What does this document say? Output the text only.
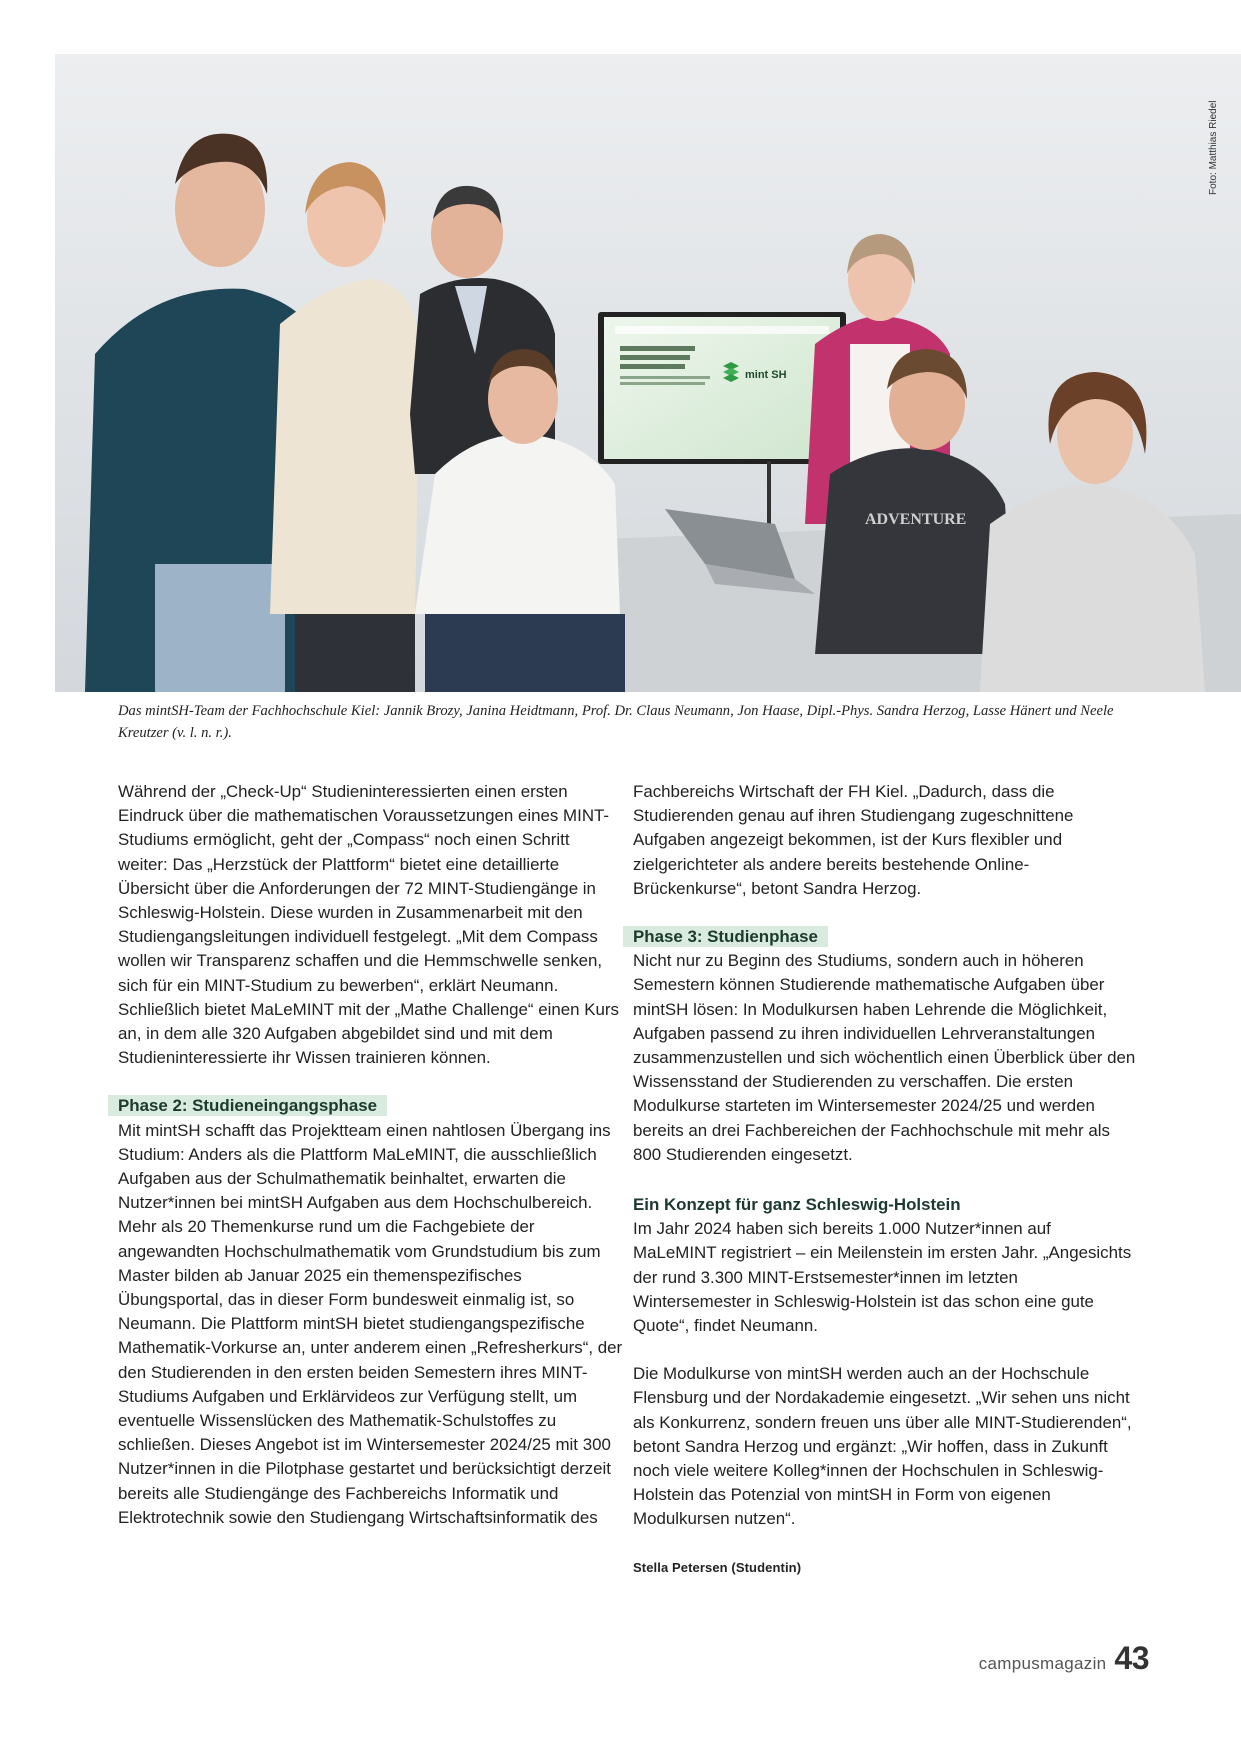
mint SH
ADVENTURE
Foto: Matthias Riedel
Das mintSH-Team der Fachhochschule Kiel: Jannik Brozy, Janina Heidtmann, Prof. Dr. Claus Neumann, Jon Haase, Dipl.-Phys. Sandra Herzog, Lasse Hänert und Neele Kreutzer (v. l. n. r.).

Während der „Check-Up“ Studieninteressierten einen ersten Eindruck über die mathematischen Voraussetzungen eines MINT-Studiums ermöglicht, geht der „Compass“ noch einen Schritt weiter: Das „Herzstück der Plattform“ bietet eine detaillierte Übersicht über die Anforderungen der 72 MINT-Studiengänge in Schleswig-Holstein. Diese wurden in Zusammenarbeit mit den Studiengangsleitungen individuell festgelegt. „Mit dem Compass wollen wir Transparenz schaffen und die Hemmschwelle senken, sich für ein MINT-Studium zu bewerben“, erklärt Neumann. Schließlich bietet MaLeMINT mit der „Mathe Challenge“ einen Kurs an, in dem alle 320 Aufgaben abgebildet sind und mit dem Studieninteressierte ihr Wissen trainieren können.

Phase 2: Studieneingangsphase

Mit mintSH schafft das Projektteam einen nahtlosen Übergang ins Studium: Anders als die Plattform MaLeMINT, die ausschließlich Aufgaben aus der Schulmathematik beinhaltet, erwarten die Nutzer*innen bei mintSH Aufgaben aus dem Hochschulbereich. Mehr als 20 Themenkurse rund um die Fachgebiete der angewandten Hochschulmathematik vom Grundstudium bis zum Master bilden ab Januar 2025 ein themenspezifisches Übungsportal, das in dieser Form bundesweit einmalig ist, so Neumann. Die Plattform mintSH bietet studiengangspezifische Mathematik-Vorkurse an, unter anderem einen „Refresherkurs“, der den Studierenden in den ersten beiden Semestern ihres MINT-Studiums Aufgaben und Erklärvideos zur Verfügung stellt, um eventuelle Wissenslücken des Mathematik-Schulstoffes zu schließen. Dieses Angebot ist im Wintersemester 2024/25 mit 300 Nutzer*innen in die Pilotphase gestartet und berücksichtigt derzeit bereits alle Studiengänge des Fachbereichs Informatik und Elektrotechnik sowie den Studiengang Wirtschaftsinformatik des

Fachbereichs Wirtschaft der FH Kiel. „Dadurch, dass die Studierenden genau auf ihren Studiengang zugeschnittene Aufgaben angezeigt bekommen, ist der Kurs flexibler und zielgerichteter als andere bereits bestehende Online-Brückenkurse“, betont Sandra Herzog.

Phase 3: Studienphase

Nicht nur zu Beginn des Studiums, sondern auch in höheren Semestern können Studierende mathematische Aufgaben über mintSH lösen: In Modulkursen haben Lehrende die Möglichkeit, Aufgaben passend zu ihren individuellen Lehrveranstaltungen zusammenzustellen und sich wöchentlich einen Überblick über den Wissensstand der Studierenden zu verschaffen. Die ersten Modulkurse starteten im Wintersemester 2024/25 und werden bereits an drei Fachbereichen der Fachhochschule mit mehr als 800 Studierenden eingesetzt.

Ein Konzept für ganz Schleswig-Holstein

Im Jahr 2024 haben sich bereits 1.000 Nutzer*innen auf MaLeMINT registriert – ein Meilenstein im ersten Jahr. „Angesichts der rund 3.300 MINT-Erstsemester*innen im letzten Wintersemester in Schleswig-Holstein ist das schon eine gute Quote“, findet Neumann.

Die Modulkurse von mintSH werden auch an der Hochschule Flensburg und der Nordakademie eingesetzt. „Wir sehen uns nicht als Konkurrenz, sondern freuen uns über alle MINT-Studierenden“, betont Sandra Herzog und ergänzt: „Wir hoffen, dass in Zukunft noch viele weitere Kolleg*innen der Hochschulen in Schleswig-Holstein das Potenzial von mintSH in Form von eigenen Modulkursen nutzen“.

Stella Petersen (Studentin)
campusmagazin 43
